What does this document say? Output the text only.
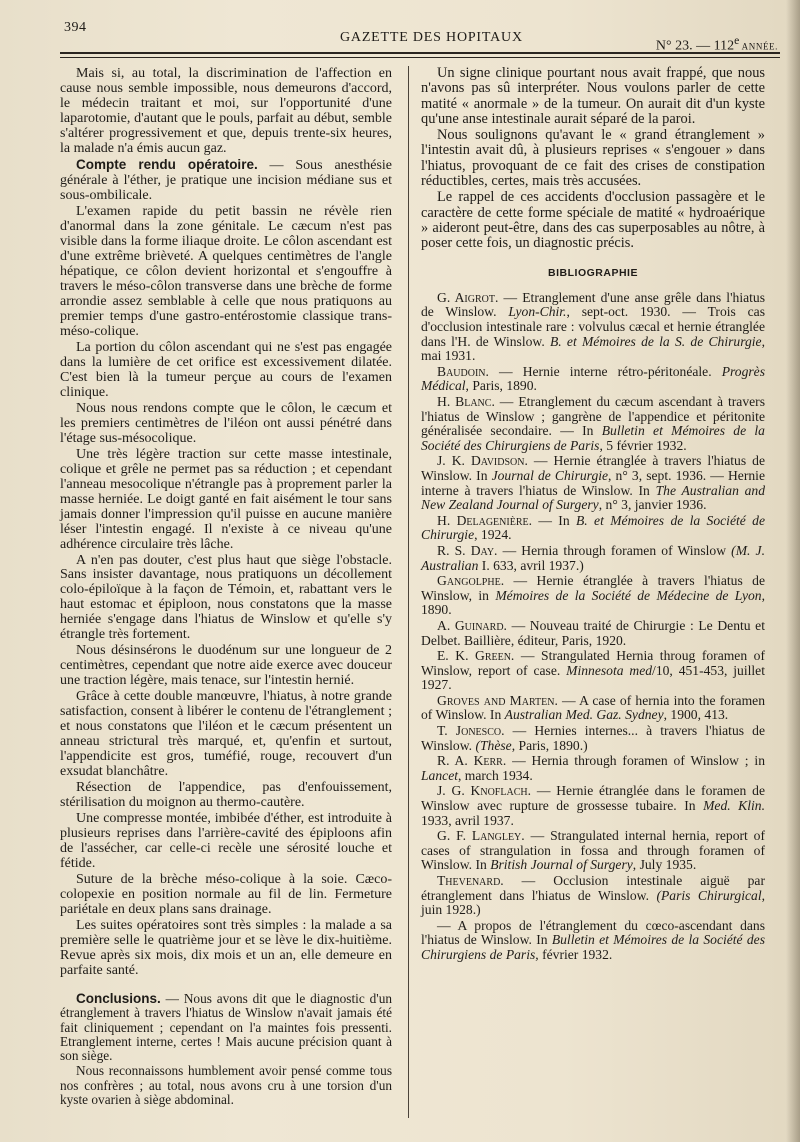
394
GAZETTE DES HOPITAUX
N° 23. — 112e ANNÉE.

Mais si, au total, la discrimination de l'affection en cause nous semble impossible, nous demeurons d'accord, le médecin traitant et moi, sur l'opportunité d'une laparotomie, d'autant que le pouls, parfait au début, semble s'altérer progressivement et que, depuis trente-six heures, la malade n'a émis aucun gaz.

Compte rendu opératoire. — Sous anesthésie générale à l'éther, je pratique une incision médiane sus et sous-ombilicale.

L'examen rapide du petit bassin ne révèle rien d'anormal dans la zone génitale. Le cæcum n'est pas visible dans la forme iliaque droite. Le côlon ascendant est d'une extrême brièveté. A quelques centimètres de l'angle hépatique, ce côlon devient horizontal et s'engouffre à travers le méso-côlon transverse dans une brèche de forme arrondie assez semblable à celle que nous pratiquons au premier temps d'une gastro-entérostomie classique trans-méso-colique.

La portion du côlon ascendant qui ne s'est pas engagée dans la lumière de cet orifice est excessivement dilatée. C'est bien là la tumeur perçue au cours de l'examen clinique.

Nous nous rendons compte que le côlon, le cæcum et les premiers centimètres de l'iléon ont aussi pénétré dans l'étage sus-mésocolique.

Une très légère traction sur cette masse intestinale, colique et grêle ne permet pas sa réduction ; et cependant l'anneau mesocolique n'étrangle pas à proprement parler la masse herniée. Le doigt ganté en fait aisément le tour sans jamais donner l'impression qu'il puisse en aucune manière léser l'intestin engagé. Il n'existe à ce niveau qu'une adhérence circulaire très lâche.

A n'en pas douter, c'est plus haut que siège l'obstacle. Sans insister davantage, nous pratiquons un décollement colo-épiloïque à la façon de Témoin, et, rabattant vers le haut estomac et épiploon, nous constatons que la masse herniée s'engage dans l'hiatus de Winslow et qu'elle s'y étrangle très fortement.

Nous désinsérons le duodénum sur une longueur de 2 centimètres, cependant que notre aide exerce avec douceur une traction légère, mais tenace, sur l'intestin hernié.

Grâce à cette double manœuvre, l'hiatus, à notre grande satisfaction, consent à libérer le contenu de l'étranglement ; et nous constatons que l'iléon et le cæcum présentent un anneau strictural très marqué, et, qu'enfin et surtout, l'appendicite est gros, tuméfié, rouge, recouvert d'un exsudat blanchâtre.

Résection de l'appendice, pas d'enfouissement, stérilisation du moignon au thermo-cautère.

Une compresse montée, imbibée d'éther, est introduite à plusieurs reprises dans l'arrière-cavité des épiploons afin de l'assécher, car celle-ci recèle une sérosité louche et fétide.

Suture de la brèche méso-colique à la soie. Cæco-colopexie en position normale au fil de lin. Fermeture pariétale en deux plans sans drainage.

Les suites opératoires sont très simples : la malade a sa première selle le quatrième jour et se lève le dix-huitième. Revue après six mois, dix mois et un an, elle demeure en parfaite santé.

Conclusions. — Nous avons dit que le diagnostic d'un étranglement à travers l'hiatus de Winslow n'avait jamais été fait cliniquement ; cependant on l'a maintes fois pressenti. Etranglement interne, certes ! Mais aucune précision quant à son siège.

Nous reconnaissons humblement avoir pensé comme tous nos confrères ; au total, nous avons cru à une torsion d'un kyste ovarien à siège abdominal.

Un signe clinique pourtant nous avait frappé, que nous n'avons pas sû interpréter. Nous voulons parler de cette matité « anormale » de la tumeur. On aurait dit d'un kyste qu'une anse intestinale aurait séparé de la paroi.

Nous soulignons qu'avant le « grand étranglement » l'intestin avait dû, à plusieurs reprises « s'engouer » dans l'hiatus, provoquant de ce fait des crises de constipation réductibles, certes, mais très accusées.

Le rappel de ces accidents d'occlusion passagère et le caractère de cette forme spéciale de matité « hydroaérique » aideront peut-être, dans des cas superposables au nôtre, à poser cette fois, un diagnostic précis.

BIBLIOGRAPHIE

G. Aigrot. — Etranglement d'une anse grêle dans l'hiatus de Winslow. Lyon-Chir., sept-oct. 1930. — Trois cas d'occlusion intestinale rare : volvulus cæcal et hernie étranglée dans l'H. de Winslow. B. et Mémoires de la S. de Chirurgie, mai 1931.

Baudoin. — Hernie interne rétro-péritonéale. Progrès Médical, Paris, 1890.

H. Blanc. — Etranglement du cæcum ascendant à travers l'hiatus de Winslow ; gangrène de l'appendice et péritonite généralisée secondaire. — In Bulletin et Mémoires de la Société des Chirurgiens de Paris, 5 février 1932.

J. K. Davidson. — Hernie étranglée à travers l'hiatus de Winslow. In Journal de Chirurgie, n° 3, sept. 1936. — Hernie interne à travers l'hiatus de Winslow. In The Australian and New Zealand Journal of Surgery, n° 3, janvier 1936.

H. Delagenière. — In B. et Mémoires de la Société de Chirurgie, 1924.

R. S. Day. — Hernia through foramen of Winslow (M. J. Australian I. 633, avril 1937.)

Gangolphe. — Hernie étranglée à travers l'hiatus de Winslow, in Mémoires de la Société de Médecine de Lyon, 1890.

A. Guinard. — Nouveau traité de Chirurgie : Le Dentu et Delbet. Baillière, éditeur, Paris, 1920.

E. K. Green. — Strangulated Hernia throug foramen of Winslow, report of case. Minnesota med/10, 451-453, juillet 1927.

Groves and Marten. — A case of hernia into the foramen of Winslow. In Australian Med. Gaz. Sydney, 1900, 413.

T. Jonesco. — Hernies internes... à travers l'hiatus de Winslow. (Thèse, Paris, 1890.)

R. A. Kerr. — Hernia through foramen of Winslow ; in Lancet, march 1934.

J. G. Knoflach. — Hernie étranglée dans le foramen de Winslow avec rupture de grossesse tubaire. In Med. Klin. 1933, avril 1937.

G. F. Langley. — Strangulated internal hernia, report of cases of strangulation in fossa and through foramen of Winslow. In British Journal of Surgery, July 1935.

Thevenard. — Occlusion intestinale aiguë par étranglement dans l'hiatus de Winslow. (Paris Chirurgical, juin 1928.)

— A propos de l'étranglement du cœco-ascendant dans l'hiatus de Winslow. In Bulletin et Mémoires de la Société des Chirurgiens de Paris, février 1932.
